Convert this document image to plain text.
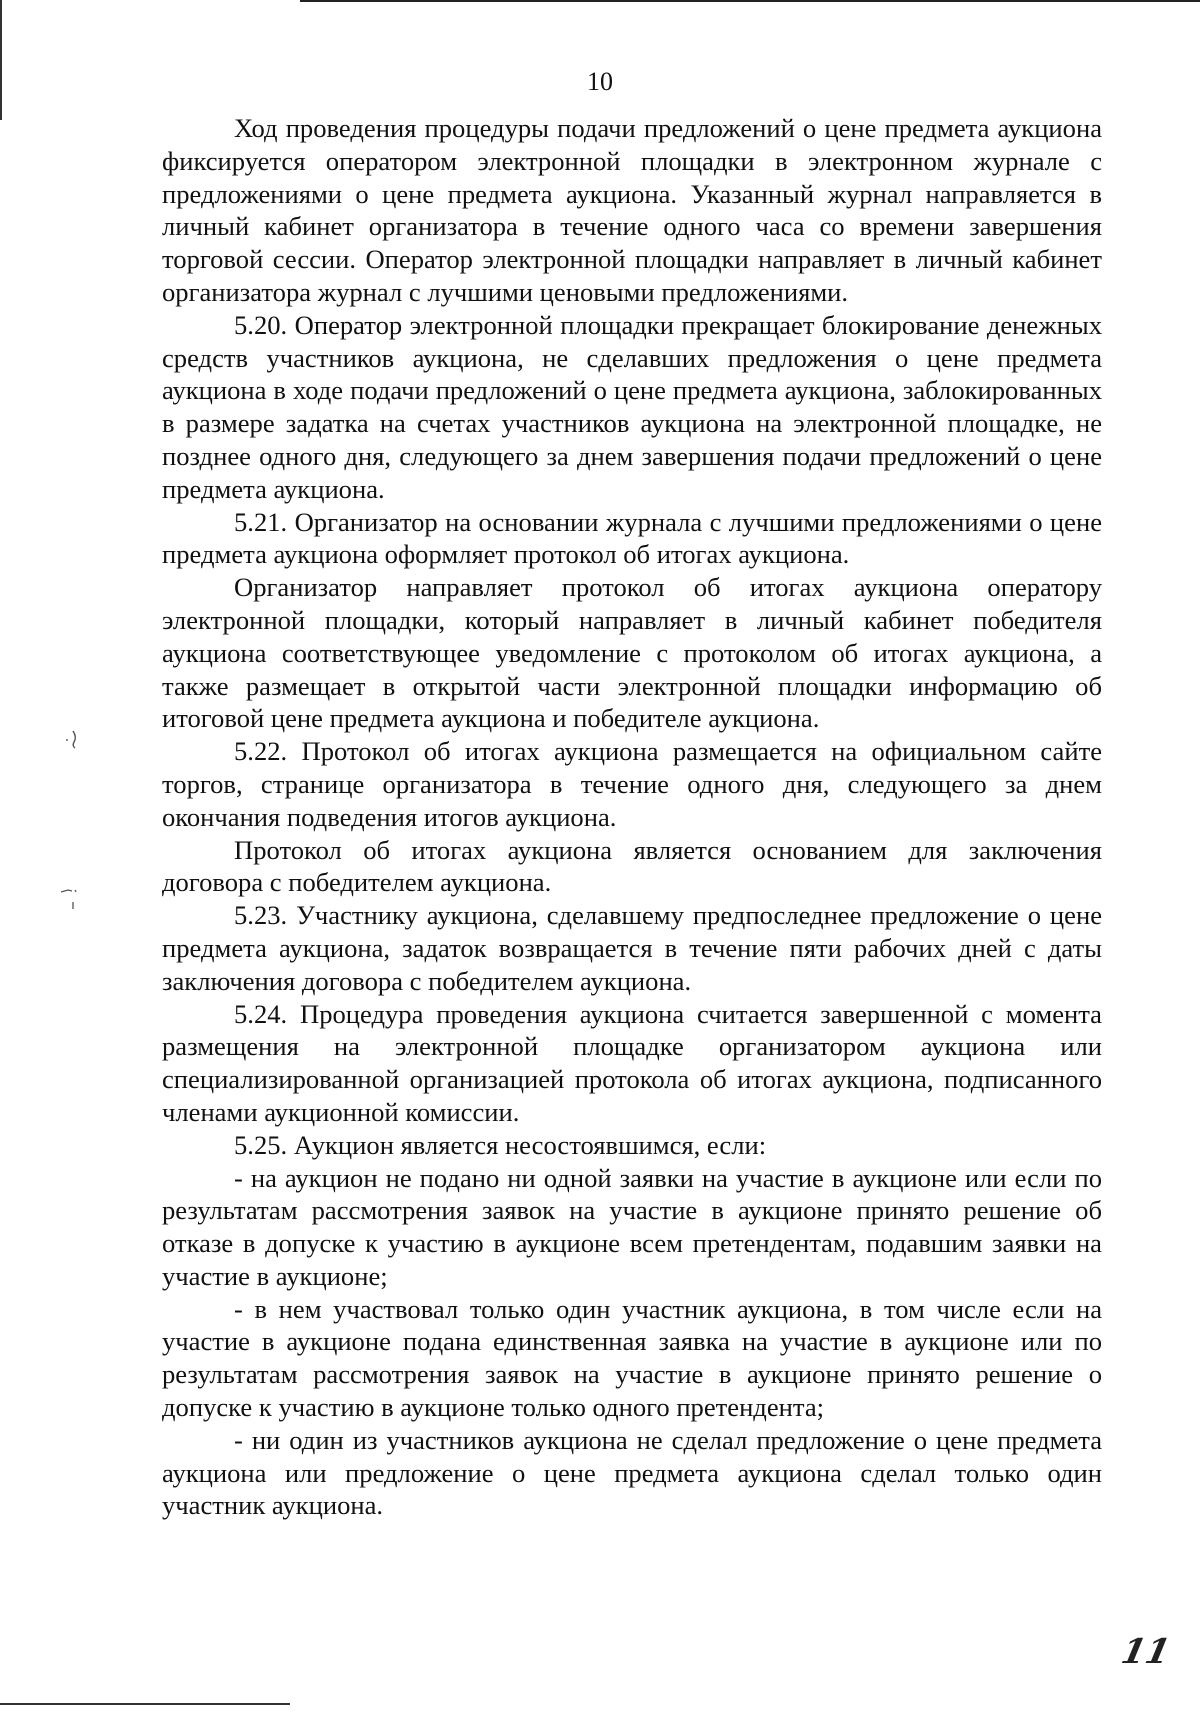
10

Ход проведения процедуры подачи предложений о цене предмета аукциона фиксируется оператором электронной площадки в электронном журнале с предложениями о цене предмета аукциона. Указанный журнал направляется в личный кабинет организатора в течение одного часа со времени завершения торговой сессии. Оператор электронной площадки направляет в личный кабинет организатора журнал с лучшими ценовыми предложениями.

5.20. Оператор электронной площадки прекращает блокирование денежных средств участников аукциона, не сделавших предложения о цене предмета аукциона в ходе подачи предложений о цене предмета аукциона, заблокированных в размере задатка на счетах участников аукциона на электронной площадке, не позднее одного дня, следующего за днем завершения подачи предложений о цене предмета аукциона.

5.21. Организатор на основании журнала с лучшими предложениями о цене предмета аукциона оформляет протокол об итогах аукциона.

Организатор направляет протокол об итогах аукциона оператору электронной площадки, который направляет в личный кабинет победителя аукциона соответствующее уведомление с протоколом об итогах аукциона, а также размещает в открытой части электронной площадки информацию об итоговой цене предмета аукциона и победителе аукциона.

5.22. Протокол об итогах аукциона размещается на официальном сайте торгов, странице организатора в течение одного дня, следующего за днем окончания подведения итогов аукциона.

Протокол об итогах аукциона является основанием для заключения договора с победителем аукциона.

5.23. Участнику аукциона, сделавшему предпоследнее предложение о цене предмета аукциона, задаток возвращается в течение пяти рабочих дней с даты заключения договора с победителем аукциона.

5.24. Процедура проведения аукциона считается завершенной с момента размещения на электронной площадке организатором аукциона или специализированной организацией протокола об итогах аукциона, подписанного членами аукционной комиссии.

5.25. Аукцион является несостоявшимся, если:

- на аукцион не подано ни одной заявки на участие в аукционе или если по результатам рассмотрения заявок на участие в аукционе принято решение об отказе в допуске к участию в аукционе всем претендентам, подавшим заявки на участие в аукционе;

- в нем участвовал только один участник аукциона, в том числе если на участие в аукционе подана единственная заявка на участие в аукционе или по результатам рассмотрения заявок на участие в аукционе принято решение о допуске к участию в аукционе только одного претендента;

- ни один из участников аукциона не сделал предложение о цене предмета аукциона или предложение о цене предмета аукциона сделал только один участник аукциона.

11
